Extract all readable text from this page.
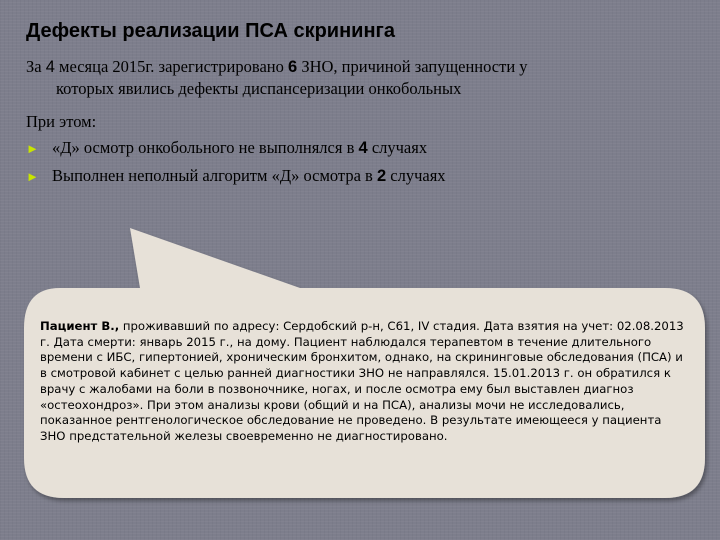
Дефекты реализации ПСА скрининга
За 4 месяца 2015г. зарегистрировано 6 ЗНО, причиной запущенности у
которых явились дефекты диспансеризации онкобольных
При этом:
► «Д» осмотр онкобольного не выполнялся в 4 случаях
► Выполнен неполный алгоритм «Д» осмотра в 2 случаях
Пациент В., проживавший по адресу: Сердобский р-н, С61, IV стадия. Дата взятия на учет: 02.08.2013 г. Дата смерти: январь 2015 г., на дому. Пациент наблюдался терапевтом в течение длительного времени с ИБС, гипертонией, хроническим бронхитом, однако, на скрининговые обследования (ПСА) и в смотровой кабинет с целью ранней диагностики ЗНО не направлялся. 15.01.2013 г. он обратился к врачу с жалобами на боли в позвоночнике, ногах, и после осмотра ему был выставлен диагноз «остеохондроз». При этом анализы крови (общий и на ПСА), анализы мочи не исследовались, показанное рентгенологическое обследование не проведено. В результате имеющееся у пациента ЗНО предстательной железы своевременно не диагностировано.
